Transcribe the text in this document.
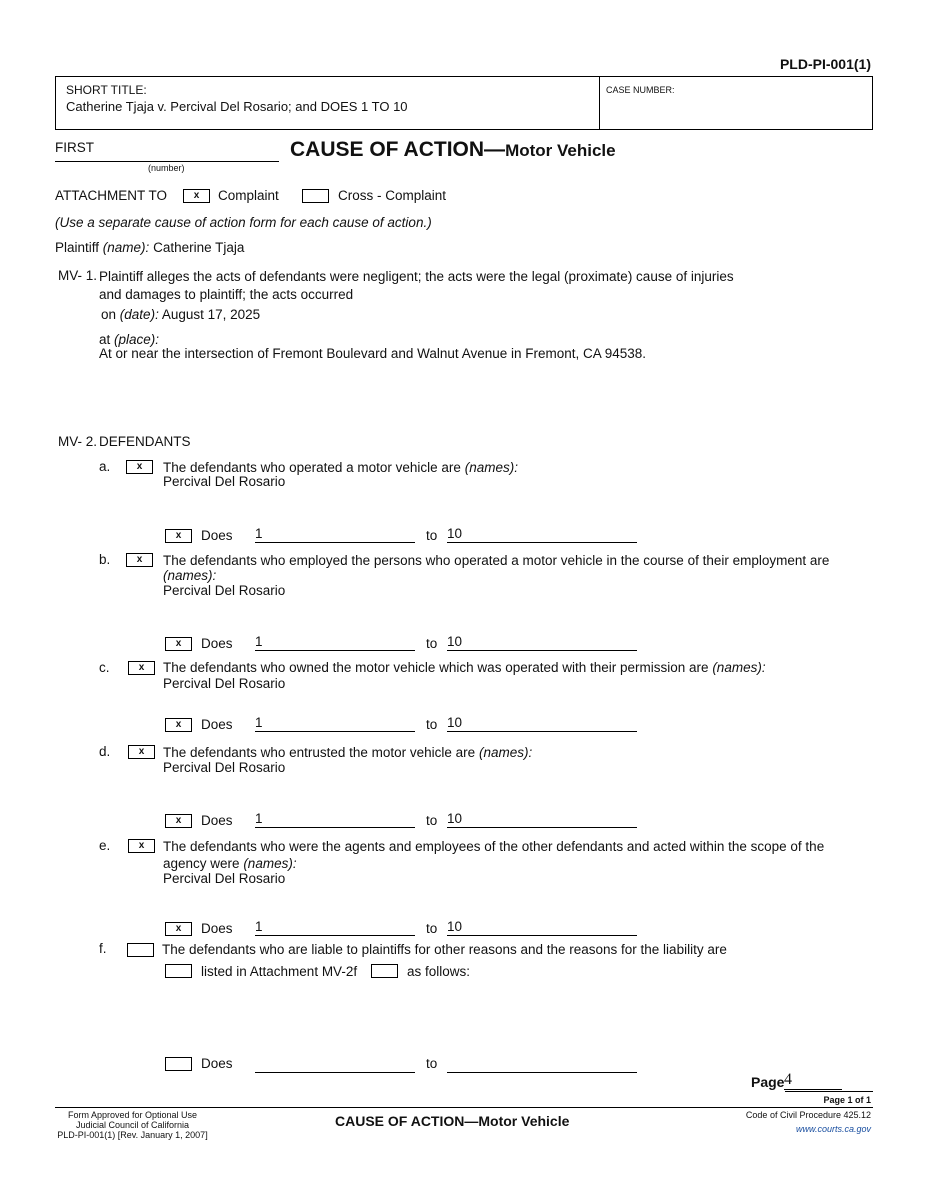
PLD-PI-001(1)
SHORT TITLE:
Catherine Tjaja v. Percival Del Rosario; and DOES 1 TO 10
CASE NUMBER:
FIRST
(number)
CAUSE OF ACTION—Motor Vehicle
ATTACHMENT TO	x	Complaint	Cross - Complaint
(Use a separate cause of action form for each cause of action.)
Plaintiff (name): Catherine Tjaja
MV- 1. Plaintiff alleges the acts of defendants were negligent; the acts were the legal (proximate) cause of injuries
and damages to plaintiff; the acts occurred
on (date): August 17, 2025
at (place):
At or near the intersection of Fremont Boulevard and Walnut Avenue in Fremont, CA 94538.
MV- 2. DEFENDANTS
a.	x	The defendants who operated a motor vehicle are (names):
Percival Del Rosario
x	Does 1	to 10
b.	x	The defendants who employed the persons who operated a motor vehicle in the course of their employment are
(names):
Percival Del Rosario
x	Does 1	to 10
c.	x	The defendants who owned the motor vehicle which was operated with their permission are (names):
Percival Del Rosario
x	Does 1	to 10
d.	x	The defendants who entrusted the motor vehicle are (names):
Percival Del Rosario
x	Does 1	to 10
e.	x	The defendants who were the agents and employees of the other defendants and acted within the scope of the
agency were (names):
Percival Del Rosario
x	Does 1	to 10
f.	The defendants who are liable to plaintiffs for other reasons and the reasons for the liability are
listed in Attachment MV-2f	as follows:
Does	to
Page 4
Page 1 of 1
Form Approved for Optional Use
Judicial Council of California
PLD-PI-001(1) [Rev. January 1, 2007]
CAUSE OF ACTION—Motor Vehicle	Code of Civil Procedure 425.12
www.courts.ca.gov
